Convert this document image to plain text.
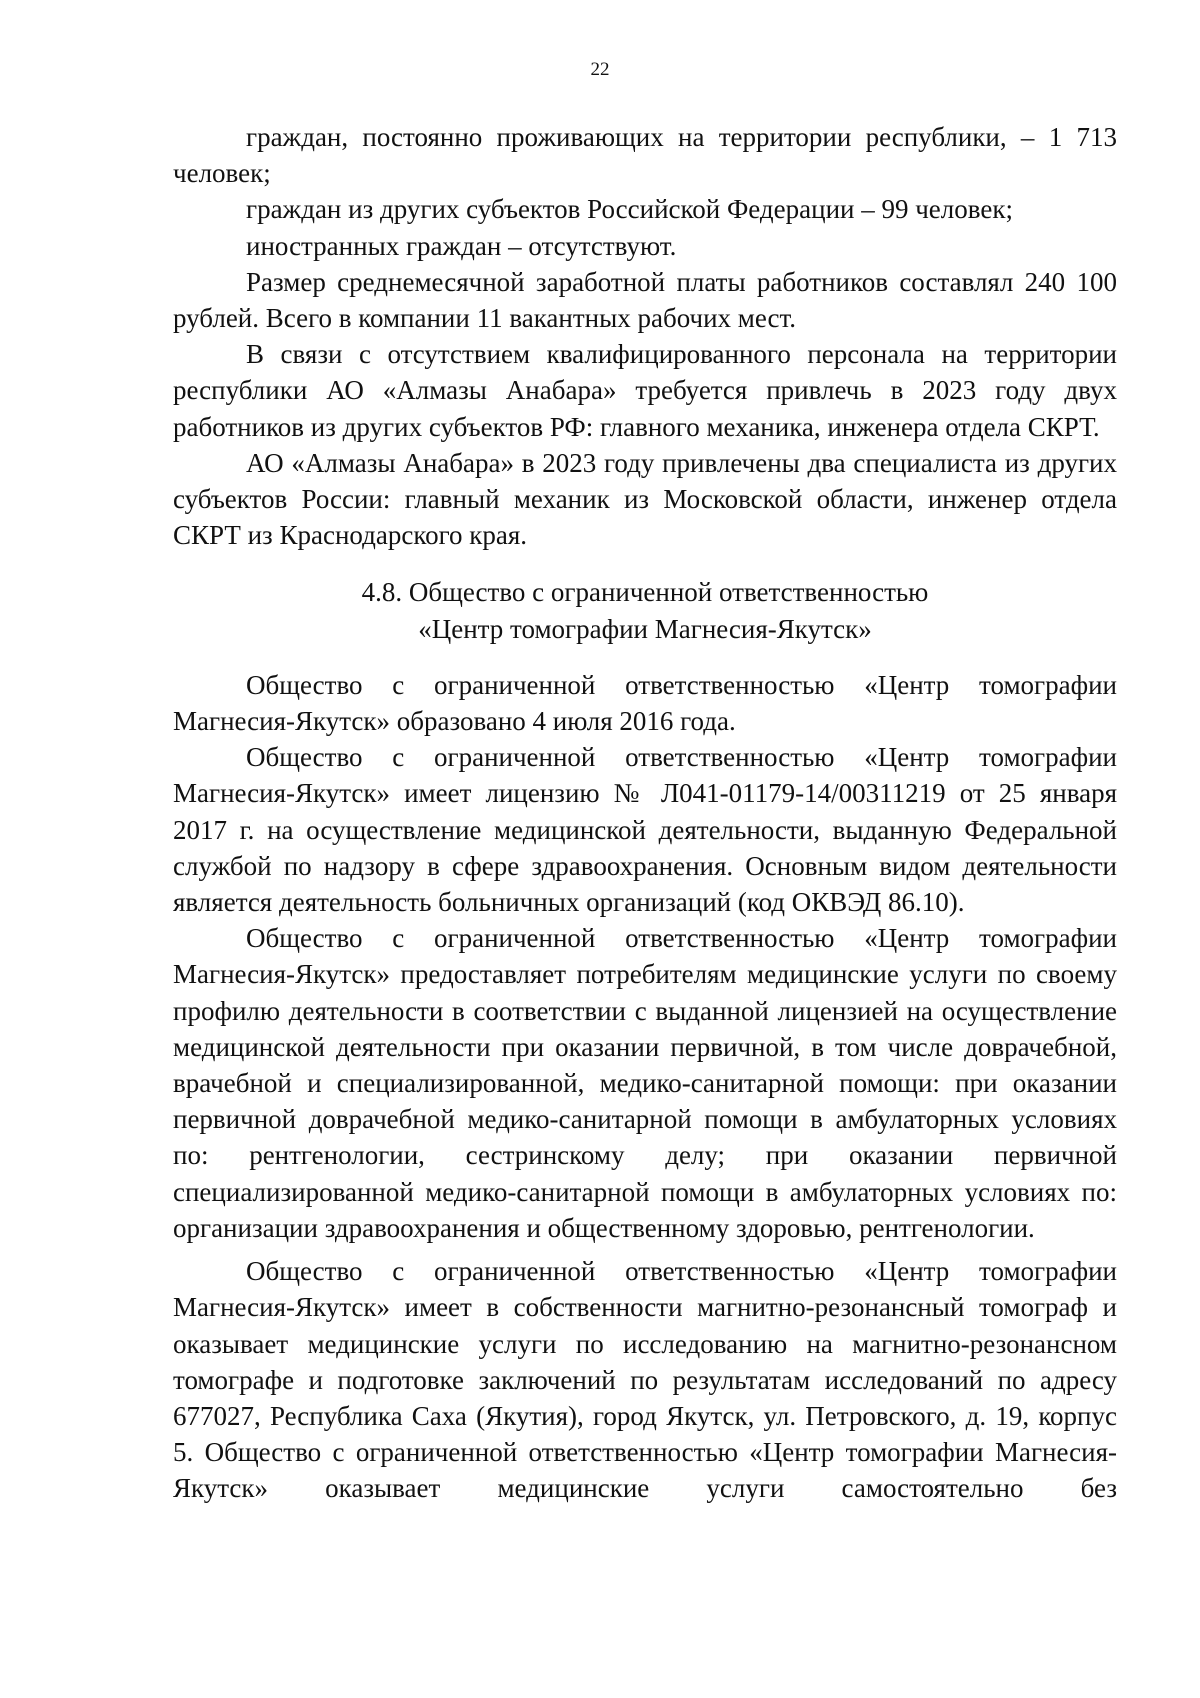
22

граждан, постоянно проживающих на территории республики, – 1 713 человек;

граждан из других субъектов Российской Федерации – 99 человек;

иностранных граждан – отсутствуют.

Размер среднемесячной заработной платы работников составлял 240 100 рублей. Всего в компании 11 вакантных рабочих мест.

В связи с отсутствием квалифицированного персонала на территории республики АО «Алмазы Анабара» требуется привлечь в 2023 году двух работников из других субъектов РФ: главного механика, инженера отдела СКРТ.

АО «Алмазы Анабара» в 2023 году привлечены два специалиста из других субъектов России: главный механик из Московской области, инженер отдела СКРТ из Краснодарского края.

4.8. Общество с ограниченной ответственностью
«Центр томографии Магнесия-Якутск»

Общество с ограниченной ответственностью «Центр томографии Магнесия-Якутск» образовано 4 июля 2016 года.

Общество с ограниченной ответственностью «Центр томографии Магнесия-Якутск» имеет лицензию № Л041-01179-14/00311219 от 25 января 2017 г. на осуществление медицинской деятельности, выданную Федеральной службой по надзору в сфере здравоохранения. Основным видом деятельности является деятельность больничных организаций (код ОКВЭД 86.10).

Общество с ограниченной ответственностью «Центр томографии Магнесия-Якутск» предоставляет потребителям медицинские услуги по своему профилю деятельности в соответствии с выданной лицензией на осуществление медицинской деятельности при оказании первичной, в том числе доврачебной, врачебной и специализированной, медико-санитарной помощи: при оказании первичной доврачебной медико-санитарной помощи в амбулаторных условиях по: рентгенологии, сестринскому делу; при оказании первичной специализированной медико-санитарной помощи в амбулаторных условиях по: организации здравоохранения и общественному здоровью, рентгенологии.

Общество с ограниченной ответственностью «Центр томографии Магнесия-Якутск» имеет в собственности магнитно-резонансный томограф и оказывает медицинские услуги по исследованию на магнитно-резонансном томографе и подготовке заключений по результатам исследований по адресу 677027, Республика Саха (Якутия), город Якутск, ул. Петровского, д. 19, корпус 5. Общество с ограниченной ответственностью «Центр томографии Магнесия-Якутск» оказывает медицинские услуги самостоятельно без
